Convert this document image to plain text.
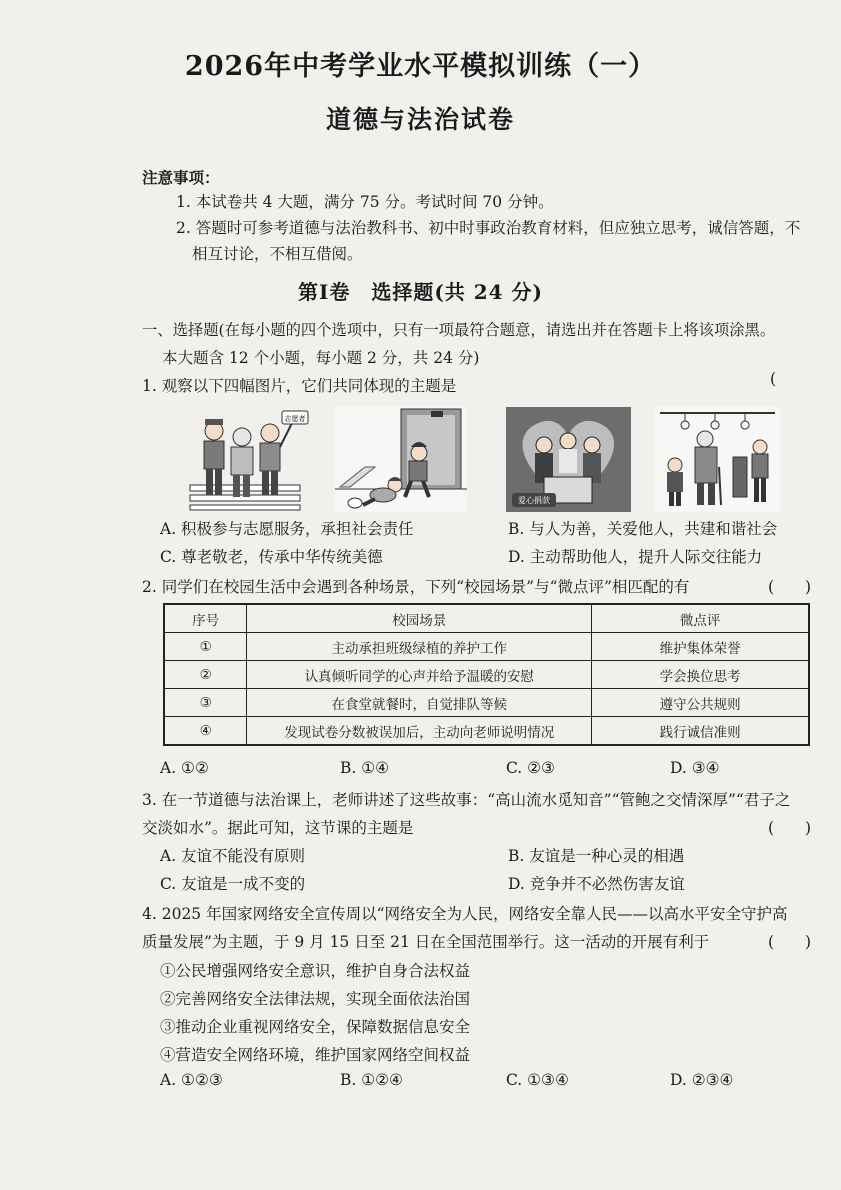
2026年中考学业水平模拟训练（一）
道德与法治试卷
注意事项：
1. 本试卷共 4 大题，满分 75 分。考试时间 70 分钟。
2. 答题时可参考道德与法治教科书、初中时事政治教育材料，但应独立思考，诚信答题，不
相互讨论，不相互借阅。
第Ⅰ卷　选择题(共 24 分)
一、选择题(在每小题的四个选项中，只有一项最符合题意，请选出并在答题卡上将该项涂黑。
本大题含 12 个小题，每小题 2 分，共 24 分)
1. 观察以下四幅图片，它们共同体现的主题是	(
志愿者
爱心捐款
A. 积极参与志愿服务，承担社会责任	B. 与人为善，关爱他人，共建和谐社会
C. 尊老敬老，传承中华传统美德	D. 主动帮助他人，提升人际交往能力
2. 同学们在校园生活中会遇到各种场景，下列“校园场景”与“微点评”相匹配的有	(　　)
序号	校园场景	微点评
①	主动承担班级绿植的养护工作	维护集体荣誉
②	认真倾听同学的心声并给予温暖的安慰	学会换位思考
③	在食堂就餐时，自觉排队等候	遵守公共规则
④	发现试卷分数被误加后，主动向老师说明情况	践行诚信准则
A. ①②	B. ①④	C. ②③	D. ③④
3. 在一节道德与法治课上，老师讲述了这些故事：“高山流水觅知音”“管鲍之交情深厚”“君子之
交淡如水”。据此可知，这节课的主题是	(　　)
A. 友谊不能没有原则	B. 友谊是一种心灵的相遇
C. 友谊是一成不变的	D. 竞争并不必然伤害友谊
4. 2025 年国家网络安全宣传周以“网络安全为人民，网络安全靠人民——以高水平安全守护高
质量发展”为主题，于 9 月 15 日至 21 日在全国范围举行。这一活动的开展有利于	(　　)
①公民增强网络安全意识，维护自身合法权益
②完善网络安全法律法规，实现全面依法治国
③推动企业重视网络安全，保障数据信息安全
④营造安全网络环境，维护国家网络空间权益
A. ①②③	B. ①②④	C. ①③④	D. ②③④
